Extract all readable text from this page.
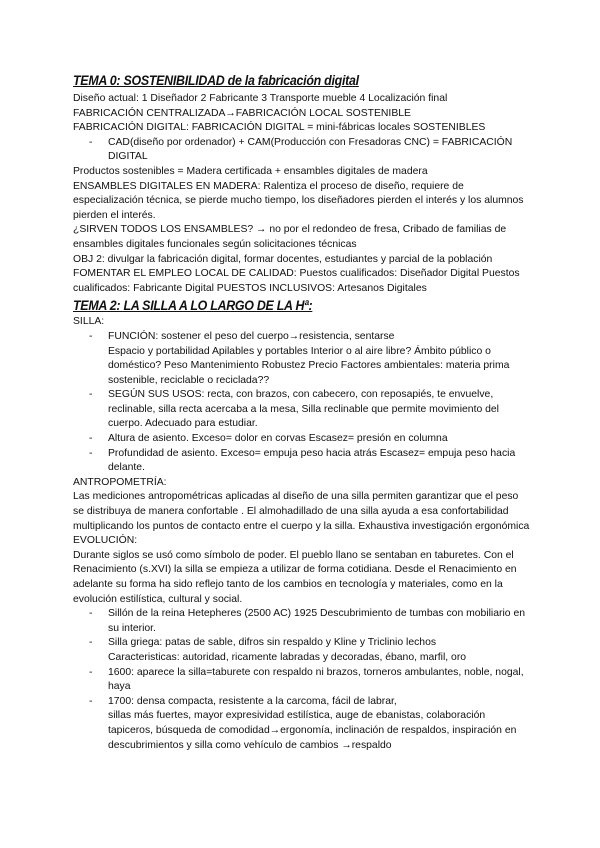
TEMA 0: SOSTENIBILIDAD de la fabricación digital
Diseño actual: 1 Diseñador 2 Fabricante 3 Transporte mueble 4 Localización final
FABRICACIÓN CENTRALIZADA→FABRICACIÓN LOCAL SOSTENIBLE
FABRICACIÓN DIGITAL: FABRICACIÓN DIGITAL = mini-fábricas locales SOSTENIBLES
- CAD(diseño por ordenador) + CAM(Producción con Fresadoras CNC) = FABRICACIÓN DIGITAL
Productos sostenibles = Madera certificada + ensambles digitales de madera
ENSAMBLES DIGITALES EN MADERA: Ralentiza el proceso de diseño, requiere de especialización técnica, se pierde mucho tiempo, los diseñadores pierden el interés y los alumnos pierden el interés.
¿SIRVEN TODOS LOS ENSAMBLES? → no por el redondeo de fresa, Cribado de familias de ensambles digitales funcionales según solicitaciones técnicas
OBJ 2: divulgar la fabricación digital, formar docentes, estudiantes y parcial de la población
FOMENTAR EL EMPLEO LOCAL DE CALIDAD: Puestos cualificados: Diseñador Digital Puestos cualificados: Fabricante Digital PUESTOS INCLUSIVOS: Artesanos Digitales
TEMA 2: LA SILLA A LO LARGO DE LA Hª:
SILLA:
- FUNCIÓN: sostener el peso del cuerpo→resistencia, sentarse
Espacio y portabilidad Apilables y portables Interior o al aire libre? Ámbito público o doméstico? Peso Mantenimiento Robustez Precio Factores ambientales: materia prima sostenible, reciclable o reciclada??
- SEGÚN SUS USOS: recta, con brazos, con cabecero, con reposapiés, te envuelve, reclinable, silla recta acercaba a la mesa, Silla reclinable que permite movimiento del cuerpo. Adecuado para estudiar.
- Altura de asiento. Exceso= dolor en corvas Escasez= presión en columna
- Profundidad de asiento. Exceso= empuja peso hacia atrás Escasez= empuja peso hacia delante.
ANTROPOMETRÍA:
Las mediciones antropométricas aplicadas al diseño de una silla permiten garantizar que el peso se distribuya de manera confortable . El almohadillado de una silla ayuda a esa confortabilidad multiplicando los puntos de contacto entre el cuerpo y la silla. Exhaustiva investigación ergonómica
EVOLUCIÓN:
Durante siglos se usó como símbolo de poder. El pueblo llano se sentaban en taburetes. Con el Renacimiento (s.XVI) la silla se empieza a utilizar de forma cotidiana. Desde el Renacimiento en adelante su forma ha sido reflejo tanto de los cambios en tecnología y materiales, como en la evolución estilística, cultural y social.
- Sillón de la reina Hetepheres (2500 AC) 1925 Descubrimiento de tumbas con mobiliario en su interior.
- Silla griega: patas de sable, difros sin respaldo y Kline y Triclinio lechos
Caracteristicas: autoridad, ricamente labradas y decoradas, ébano, marfil, oro
- 1600: aparece la silla=taburete con respaldo ni brazos, torneros ambulantes, noble, nogal, haya
- 1700: densa compacta, resistente a la carcoma, fácil de labrar,
sillas más fuertes, mayor expresividad estilística, auge de ebanistas, colaboración tapiceros, búsqueda de comodidad→ergonomía, inclinación de respaldos, inspiración en descubrimientos y silla como vehículo de cambios →respaldo
